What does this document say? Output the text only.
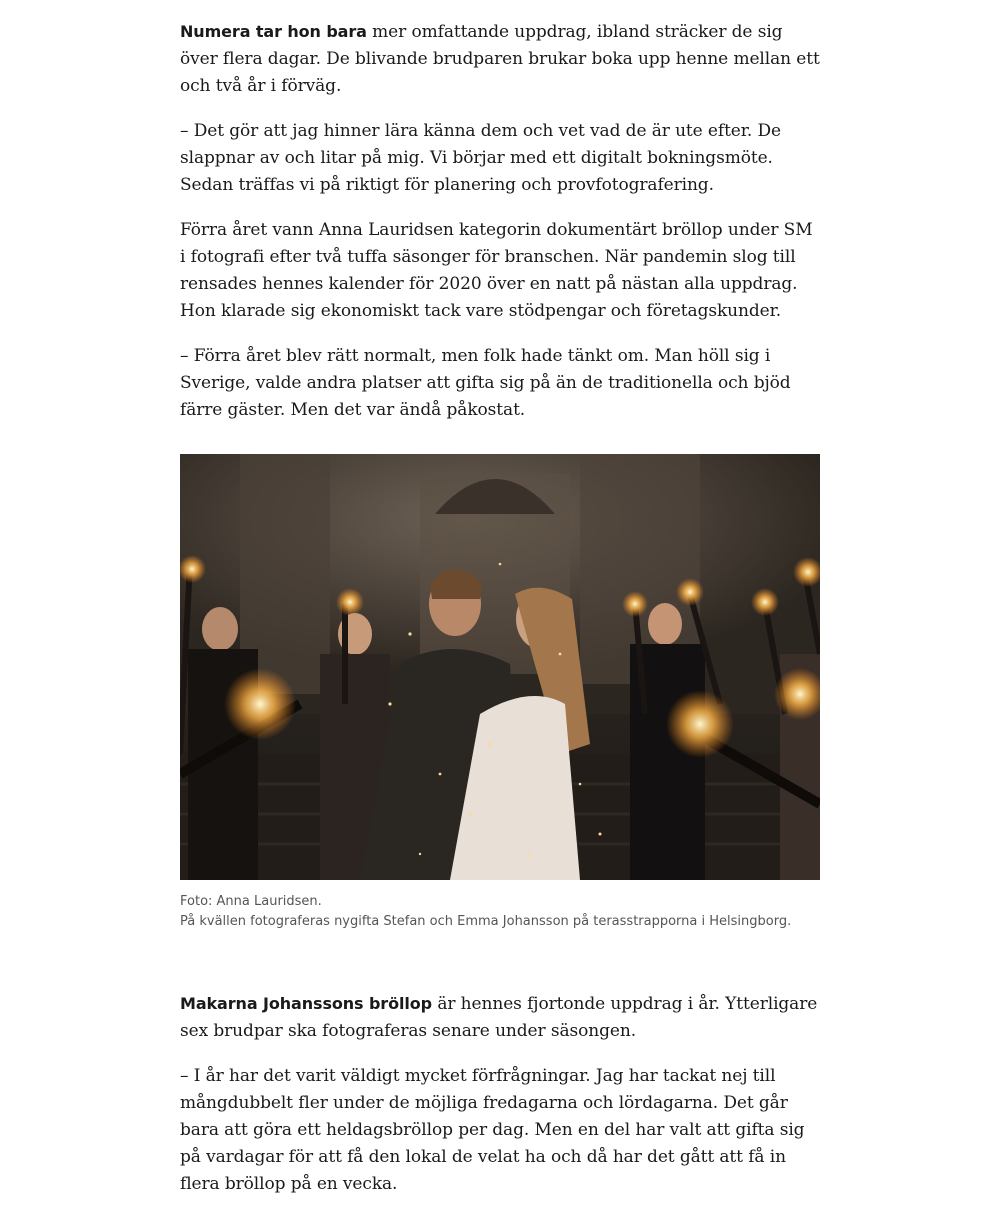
Numera tar hon bara mer omfattande uppdrag, ibland sträcker de sig över flera dagar. De blivande brudparen brukar boka upp henne mellan ett och två år i förväg.

– Det gör att jag hinner lära känna dem och vet vad de är ute efter. De slappnar av och litar på mig. Vi börjar med ett digitalt bokningsmöte. Sedan träffas vi på riktigt för planering och provfotografering.

Förra året vann Anna Lauridsen kategorin dokumentärt bröllop under SM i fotografi efter två tuffa säsonger för branschen. När pandemin slog till rensades hennes kalender för 2020 över en natt på nästan alla uppdrag. Hon klarade sig ekonomiskt tack vare stödpengar och företagskunder.

– Förra året blev rätt normalt, men folk hade tänkt om. Man höll sig i Sverige, valde andra platser att gifta sig på än de traditionella och bjöd färre gäster. Men det var ändå påkostat.

Foto: Anna Lauridsen.
På kvällen fotograferas nygifta Stefan och Emma Johansson på terasstrapporna i Helsingborg.

Makarna Johanssons bröllop är hennes fjortonde uppdrag i år. Ytterligare sex brudpar ska fotograferas senare under säsongen.

– I år har det varit väldigt mycket förfrågningar. Jag har tackat nej till mångdubbelt fler under de möjliga fredagarna och lördagarna. Det går bara att göra ett heldagsbröllop per dag. Men en del har valt att gifta sig på vardagar för att få den lokal de velat ha och då har det gått att få in flera bröllop på en vecka.
